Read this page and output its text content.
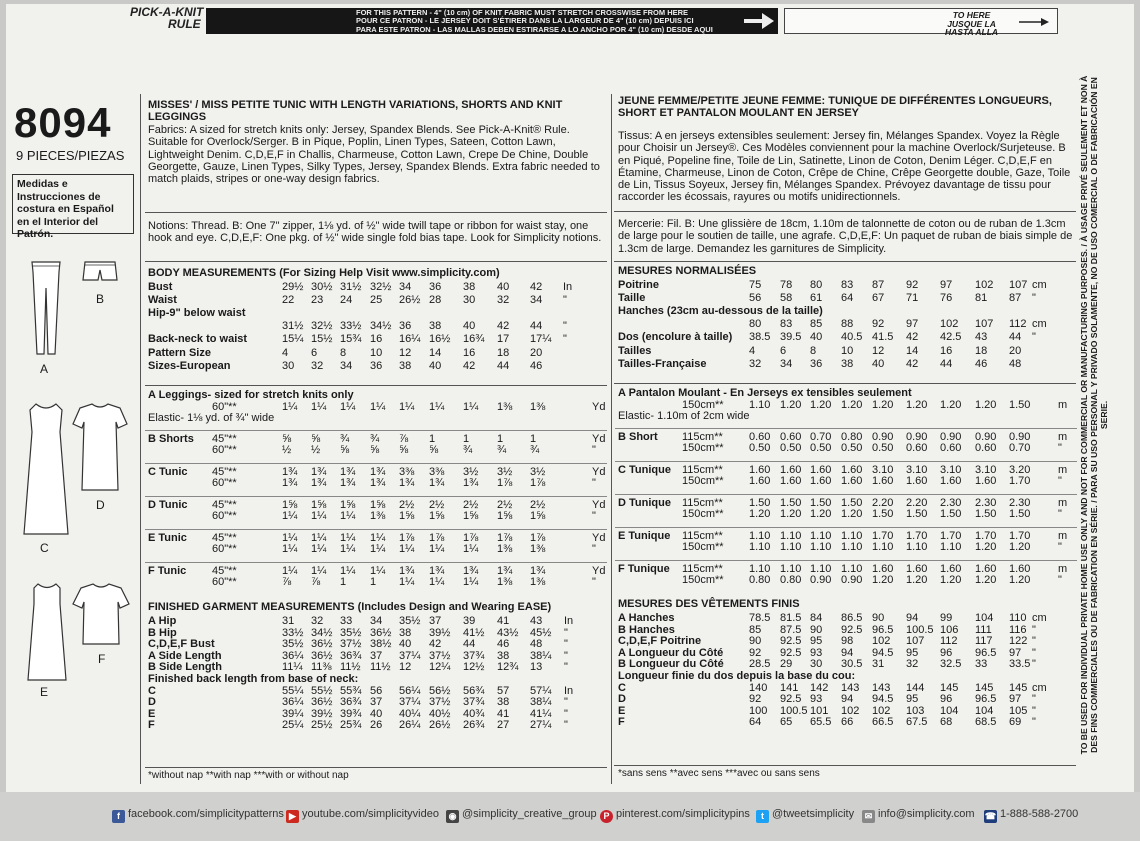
PICK-A-KNIT
RULE
FOR THIS PATTERN - 4" (10 cm) OF KNIT FABRIC MUST STRETCH CROSSWISE FROM HERE
POUR CE PATRON - LE JERSEY DOIT S'ÉTIRER DANS LA LARGEUR DE 4" (10 cm) DEPUIS ICI
PARA ESTE PATRON - LAS MALLAS DEBEN ESTIRARSE A LO ANCHO POR 4" (10 cm) DESDE AQUI
TO HERE
JUSQUE LA
HASTA ALLA
8094
9 PIECES/PIEZAS
Medidas e Instrucciones de costura en Español en el Interior del Patrón.
A
B
C
D
E
F
MISSES' / MISS PETITE TUNIC WITH LENGTH VARIATIONS, SHORTS AND KNIT LEGGINGS
Fabrics: A sized for stretch knits only: Jersey, Spandex Blends. See Pick-A-Knit® Rule. Suitable for Overlock/Serger. B in Pique, Poplin, Linen Types, Sateen, Cotton Lawn, Lightweight Denim. C,D,E,F in Challis, Charmeuse, Cotton Lawn, Crepe De Chine, Double Georgette, Gauze, Linen Types, Silky Types, Jersey, Spandex Blends. Extra fabric needed to match plaids, stripes or one-way design fabrics.
Notions: Thread. B: One 7" zipper, 1⅛ yd. of ½" wide twill tape or ribbon for waist stay, one hook and eye. C,D,E,F: One pkg. of ½" wide single fold bias tape. Look for Simplicity notions.
BODY MEASUREMENTS (For Sizing Help Visit www.simplicity.com)
Bust	29½ 30½ 31½ 32½ 34 36 38 40 42 In
Waist	22 23 24 25 26½ 28 30 32 34 "
Hip-9" below waist
31½ 32½ 33½ 34½ 36 38 40 42 44 "
Back-neck to waist	15¼ 15½ 15¾ 16 16¼ 16½ 16¾ 17 17¼ "
Pattern Size	4 6 8 10 12 14 16 18 20
Sizes-European	30 32 34 36 38 40 42 44 46
A Leggings- sized for stretch knits only
60"**	1¼ 1¼ 1¼ 1¼ 1¼ 1¼ 1¼ 1⅜ 1⅜	Yd
Elastic- 1⅛ yd. of ¾" wide
B Shorts 45"**	⅝ ⅝ ¾ ¾ ⅞ 1	1	1 1	Yd
60"**	½ ½ ⅝ ⅝ ⅝ ⅝ ¾ ¾ ¾	"
C Tunic 45"**	1¾ 1¾ 1¾ 1¾ 3⅜ 3⅜ 3½ 3½ 3½	Yd
60"**	1¾ 1¾ 1¾ 1¾ 1¾ 1¾ 1¾ 1⅞ 1⅞	"
D Tunic 45"**	1⅝ 1⅝ 1⅝ 1⅝ 2½ 2½ 2½ 2½ 2½	Yd
60"**	1¼ 1¼ 1¼ 1⅜ 1⅝ 1⅝ 1⅝ 1⅝ 1⅝	"
E Tunic 45"**	1¼ 1¼ 1¼ 1¼ 1⅞ 1⅞ 1⅞ 1⅞ 1⅞	Yd
60"**	1¼ 1¼ 1¼ 1¼ 1¼ 1¼ 1¼ 1⅜ 1⅜	"
F Tunic 45"**	1¼ 1¼ 1¼ 1¼ 1¾ 1¾ 1¾ 1¾ 1¾	Yd
60"**	⅞ ⅞ 1 1 1¼ 1¼ 1¼ 1⅜ 1⅜	"
FINISHED GARMENT MEASUREMENTS (Includes Design and Wearing EASE)
A Hip	31 32 33 34 35½ 37 39 41 43 In
B Hip	33½ 34½ 35½ 36½ 38 39½ 41½ 43½ 45½ "
C,D,E,F Bust	35½ 36½ 37½ 38½ 40 42 44 46 48 "
A Side Length	36¼ 36½ 36¾ 37 37¼ 37½ 37¾ 38 38¼ "
B Side Length	11¼ 11⅜ 11½ 11½ 12 12¼ 12½ 12¾ 13 "
Finished back length from base of neck:
C	55¼ 55½ 55¾ 56 56¼ 56½ 56¾ 57 57¼ In
D	36¼ 36½ 36¾ 37 37¼ 37½ 37¾ 38 38¼ "
E	39¼ 39½ 39¾ 40 40¼ 40½ 40¾ 41 41¼ "
F	25¼ 25½ 25¾ 26 26¼ 26½ 26¾ 27 27¼ "
*without nap **with nap ***with or without nap
JEUNE FEMME/PETITE JEUNE FEMME: TUNIQUE DE DIFFÉRENTES LONGUEURS, SHORT ET PANTALON MOULANT EN JERSEY
Tissus: A en jerseys extensibles seulement: Jersey fin, Mélanges Spandex. Voyez la Règle pour Choisir un Jersey®. Ces Modèles conviennent pour la machine Overlock/Surjeteuse. B en Piqué, Popeline fine, Toile de Lin, Satinette, Linon de Coton, Denim Léger. C,D,E,F en Étamine, Charmeuse, Linon de Coton, Crêpe de Chine, Crêpe Georgette double, Gaze, Toile de Lin, Tissus Soyeux, Jersey fin, Mélanges Spandex. Prévoyez davantage de tissu pour raccorder les écossais, rayures ou motifs unidirectionnels.
Mercerie: Fil. B: Une glissière de 18cm, 1.10m de talonnette de coton ou de ruban de 1.3cm de large pour le soutien de taille, une agrafe. C,D,E,F: Un paquet de ruban de biais simple de 1.3cm de large. Demandez les garnitures de Simplicity.
MESURES NORMALISÉES
Poitrine	75 78 80 83 87 92 97 102 107 cm
Taille	56 58 61 64 67 71 76 81 87 "
Hanches (23cm au-dessous de la taille)
80 83 85 88 92 97 102 107 112 cm
Dos (encolure à taille) 38.5 39.5 40 40.5 41.5 42 42.5 43 44 "
Tailles	4 6 8 10 12 14 16 18 20
Tailles-Française	32 34 36 38 40 42 44 46 48
A Pantalon Moulant - En Jerseys ex tensibles seulement
150cm** 1.10 1.20 1.20 1.20 1.20 1.20 1.20 1.20 1.50	m
Elastic- 1.10m of 2cm wide
B Short 115cm** 0.60 0.60 0.70 0.80 0.90 0.90 0.90 0.90 0.90	m
150cm** 0.50 0.50 0.50 0.50 0.50 0.60 0.60 0.60 0.70	"
C Tunique 115cm** 1.60 1.60 1.60 1.60 3.10 3.10 3.10 3.10 3.20	m
150cm** 1.60 1.60 1.60 1.60 1.60 1.60 1.60 1.60 1.70	"
D Tunique 115cm** 1.50 1.50 1.50 1.50 2.20 2.20 2.30 2.30 2.30	m
150cm** 1.20 1.20 1.20 1.20 1.50 1.50 1.50 1.50 1.50	"
E Tunique 115cm** 1.10 1.10 1.10 1.10 1.70 1.70 1.70 1.70 1.70	m
150cm** 1.10 1.10 1.10 1.10 1.10 1.10 1.10 1.20 1.20	"
F Tunique 115cm** 1.10 1.10 1.10 1.10 1.60 1.60 1.60 1.60 1.60	m
150cm** 0.80 0.80 0.90 0.90 1.20 1.20 1.20 1.20 1.20	"
MESURES DES VÊTEMENTS FINIS
A Hanches	78.5 81.5 84 86.5 90 94 99 104 110 cm
B Hanches	85 87.5 90 92.5 96.5 100.5 106 111 116 "
C,D,E,F Poitrine	90 92.5 95 98 102 107 112 117 122 "
A Longueur du Côté 92 92.5 93 94 94.5 95 96 96.5 97 "
B Longueur du Côté 28.5 29 30 30.5 31 32 32.5 33 33.5 "
Longueur finie du dos depuis la base du cou:
C	140 141 142 143 143 144 145 145 145 cm
D	92 92.5 93 94 94.5 95 96 96.5 97 "
E	100 100.5 101 102 102 103 104 104 105 "
F	64 65 65.5 66 66.5 67.5 68 68.5 69 "
*sans sens **avec sens ***avec ou sans sens
TO BE USED FOR INDIVIDUAL PRIVATE HOME USE ONLY AND NOT FOR COMMERCIAL OR MANUFACTURING PURPOSES. / À USAGE PRIVÉ SEULEMENT ET NON À DES FINS COMMERCIALES OU DE FABRICATION EN SÉRIE. / PARA SU USO PERSONAL Y PRIVADO SOLAMENTE, NO DE USO COMERCIAL O DE FABRICACIÓN EN SERIE.
f facebook.com/simplicitypatterns ▶ youtube.com/simplicityvideo ◉ @simplicity_creative_group P pinterest.com/simplicitypins	t @tweetsimplicity	✉ info@simplicity.com ☎ 1-888-588-2700
